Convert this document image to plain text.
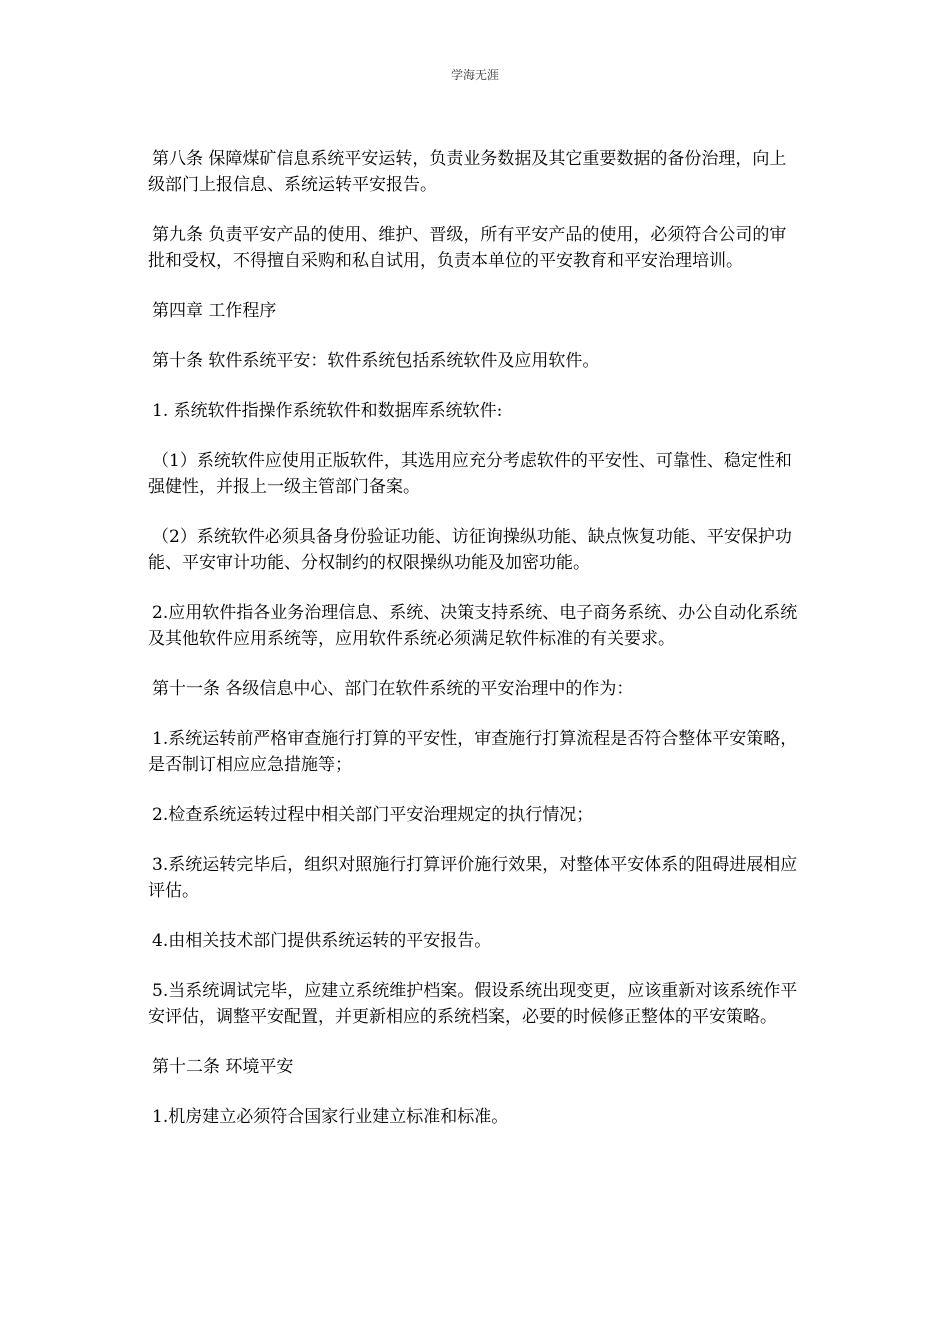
学海无涯

第八条 保障煤矿信息系统平安运转，负责业务数据及其它重要数据的备份治理，向上级部门上报信息、系统运转平安报告。

第九条 负责平安产品的使用、维护、晋级，所有平安产品的使用，必须符合公司的审批和受权，不得擅自采购和私自试用，负责本单位的平安教育和平安治理培训。

第四章 工作程序

第十条 软件系统平安：软件系统包括系统软件及应用软件。

1. 系统软件指操作系统软件和数据库系统软件:

（1）系统软件应使用正版软件，其选用应充分考虑软件的平安性、可靠性、稳定性和强健性，并报上一级主管部门备案。

（2）系统软件必须具备身份验证功能、访征询操纵功能、缺点恢复功能、平安保护功能、平安审计功能、分权制约的权限操纵功能及加密功能。

2.应用软件指各业务治理信息、系统、决策支持系统、电子商务系统、办公自动化系统及其他软件应用系统等，应用软件系统必须满足软件标准的有关要求。

第十一条 各级信息中心、部门在软件系统的平安治理中的作为：

1.系统运转前严格审查施行打算的平安性，审查施行打算流程是否符合整体平安策略，是否制订相应应急措施等；

2.检查系统运转过程中相关部门平安治理规定的执行情况；

3.系统运转完毕后，组织对照施行打算评价施行效果，对整体平安体系的阻碍进展相应评估。

4.由相关技术部门提供系统运转的平安报告。

5.当系统调试完毕，应建立系统维护档案。假设系统出现变更，应该重新对该系统作平安评估，调整平安配置，并更新相应的系统档案，必要的时候修正整体的平安策略。

第十二条 环境平安

1.机房建立必须符合国家行业建立标准和标准。
